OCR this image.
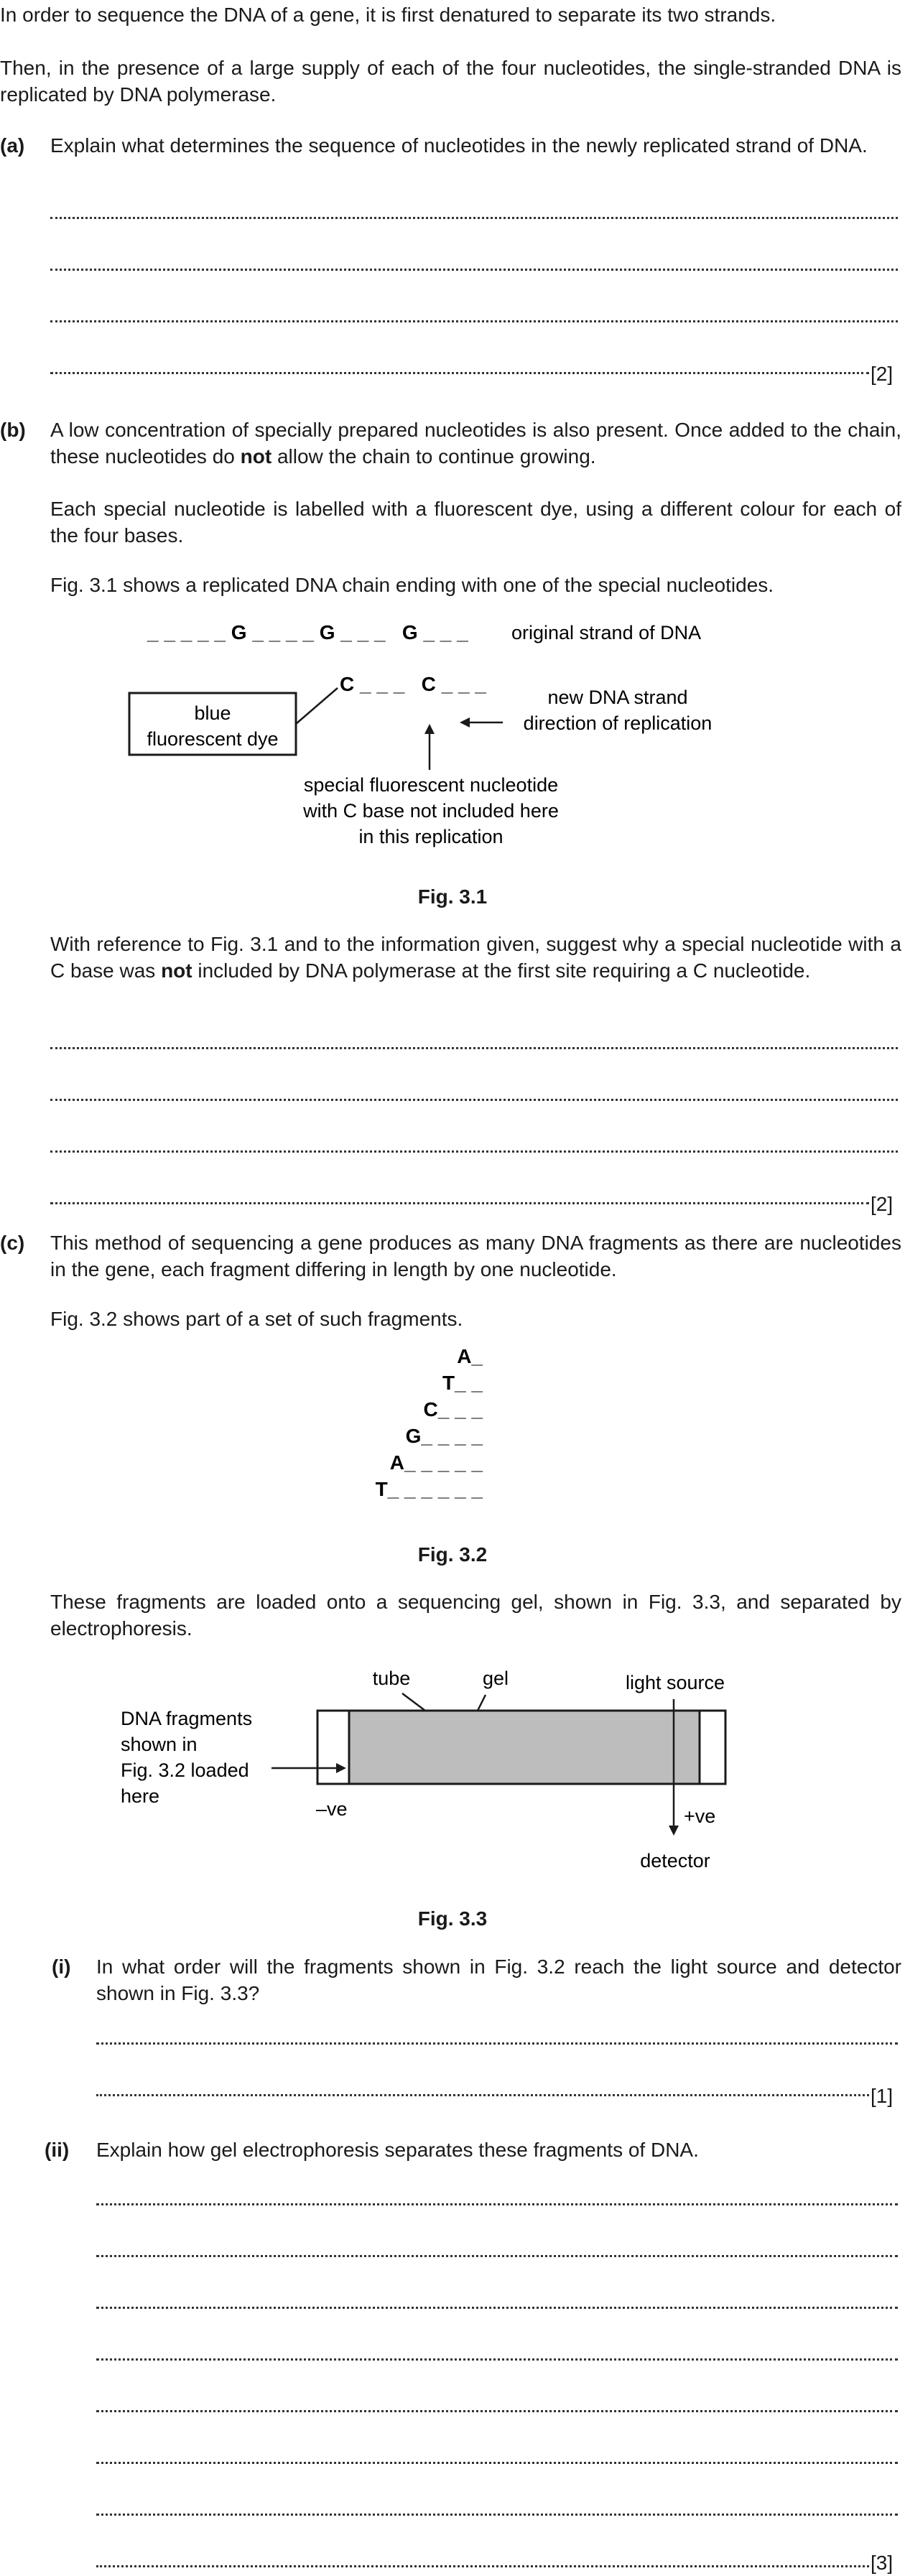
In order to sequence the DNA of a gene, it is first denatured to separate its two strands.
Then, in the presence of a large supply of each of the four nucleotides, the single-stranded DNA is replicated by DNA polymerase.
(a) Explain what determines the sequence of nucleotides in the newly replicated strand of DNA.
[2]
(b) A low concentration of specially prepared nucleotides is also present. Once added to the chain, these nucleotides do not allow the chain to continue growing.
Each special nucleotide is labelled with a fluorescent dye, using a different colour for each of the four bases.
Fig. 3.1 shows a replicated DNA chain ending with one of the special nucleotides.
_ _ _ _ _ G _ _ _ _ G _ _ _   G _ _ _ original strand of DNA
C _ _ _   C _ _ _
blue
fluorescent dye
new DNA strand
direction of replication
special fluorescent nucleotide
with C base not included here
in this replication
Fig. 3.1
With reference to Fig. 3.1 and to the information given, suggest why a special nucleotide with a C base was not included by DNA polymerase at the first site requiring a C nucleotide.
[2]
(c) This method of sequencing a gene produces as many DNA fragments as there are nucleotides in the gene, each fragment differing in length by one nucleotide.
Fig. 3.2 shows part of a set of such fragments.
A_
T_ _
C_ _ _
G_ _ _ _
A_ _ _ _ _
T_ _ _ _ _ _
Fig. 3.2
These fragments are loaded onto a sequencing gel, shown in Fig. 3.3, and separated by electrophoresis.
tube	gel	light source
DNA fragments
shown in
Fig. 3.2 loaded
here
–ve	+ve
detector
Fig. 3.3
(i) In what order will the fragments shown in Fig. 3.2 reach the light source and detector shown in Fig. 3.3?
[1]
(ii) Explain how gel electrophoresis separates these fragments of DNA.
[3]
